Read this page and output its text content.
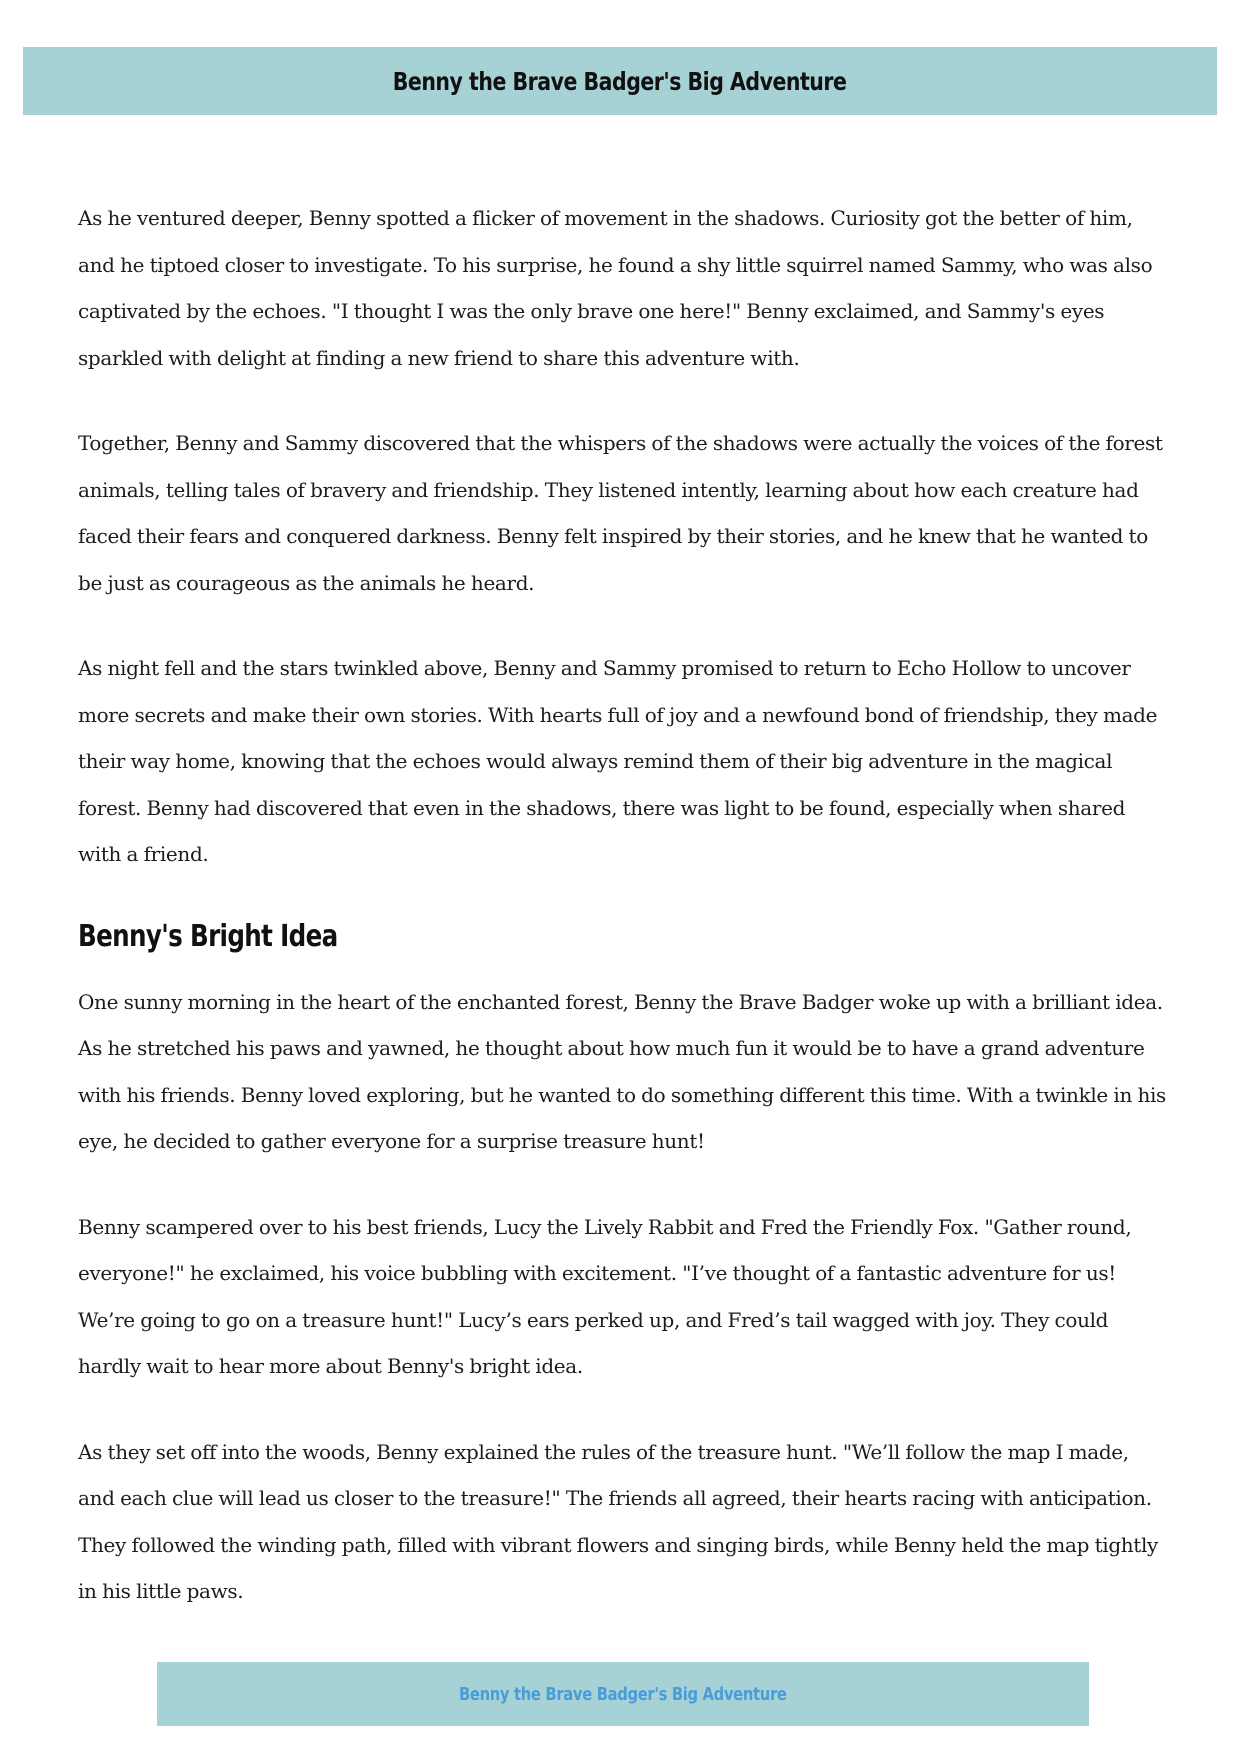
Benny the Brave Badger's Big Adventure

As he ventured deeper, Benny spotted a flicker of movement in the shadows. Curiosity got the better of him, and he tiptoed closer to investigate. To his surprise, he found a shy little squirrel named Sammy, who was also captivated by the echoes. "I thought I was the only brave one here!" Benny exclaimed, and Sammy's eyes sparkled with delight at finding a new friend to share this adventure with.

Together, Benny and Sammy discovered that the whispers of the shadows were actually the voices of the forest animals, telling tales of bravery and friendship. They listened intently, learning about how each creature had faced their fears and conquered darkness. Benny felt inspired by their stories, and he knew that he wanted to be just as courageous as the animals he heard.

As night fell and the stars twinkled above, Benny and Sammy promised to return to Echo Hollow to uncover more secrets and make their own stories. With hearts full of joy and a newfound bond of friendship, they made their way home, knowing that the echoes would always remind them of their big adventure in the magical forest. Benny had discovered that even in the shadows, there was light to be found, especially when shared with a friend.

Benny's Bright Idea

One sunny morning in the heart of the enchanted forest, Benny the Brave Badger woke up with a brilliant idea. As he stretched his paws and yawned, he thought about how much fun it would be to have a grand adventure with his friends. Benny loved exploring, but he wanted to do something different this time. With a twinkle in his eye, he decided to gather everyone for a surprise treasure hunt!

Benny scampered over to his best friends, Lucy the Lively Rabbit and Fred the Friendly Fox. "Gather round, everyone!" he exclaimed, his voice bubbling with excitement. "I’ve thought of a fantastic adventure for us! We’re going to go on a treasure hunt!" Lucy’s ears perked up, and Fred’s tail wagged with joy. They could hardly wait to hear more about Benny's bright idea.

As they set off into the woods, Benny explained the rules of the treasure hunt. "We’ll follow the map I made, and each clue will lead us closer to the treasure!" The friends all agreed, their hearts racing with anticipation. They followed the winding path, filled with vibrant flowers and singing birds, while Benny held the map tightly in his little paws.

Benny the Brave Badger's Big Adventure
